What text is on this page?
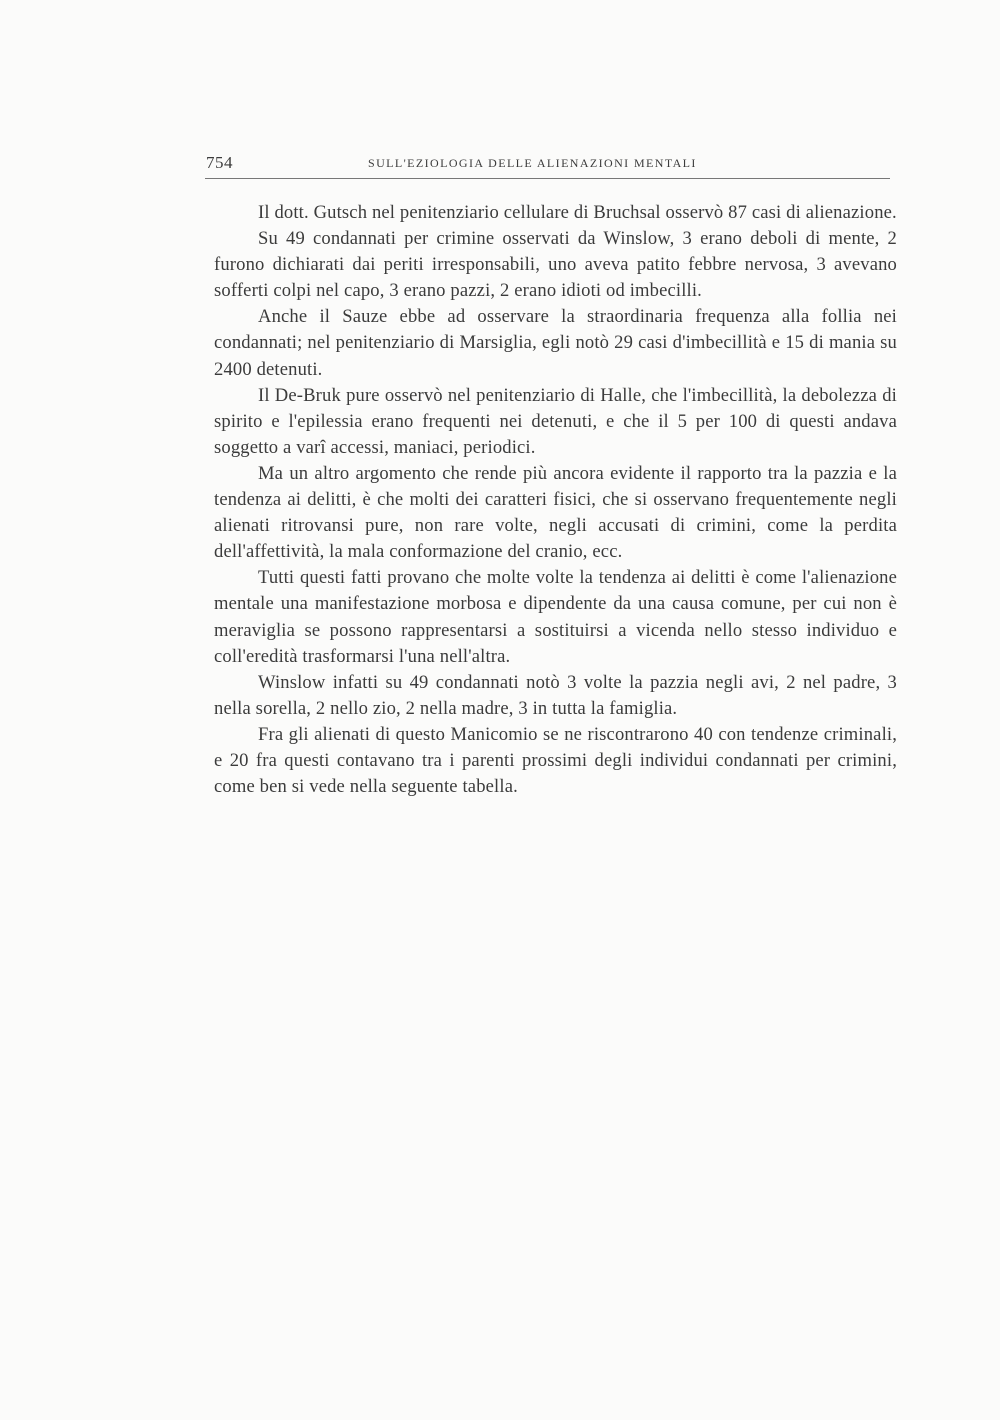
754	SULL'EZIOLOGIA DELLE ALIENAZIONI MENTALI

Il dott. Gutsch nel penitenziario cellulare di Bruchsal osservò 87 casi di alienazione.

Su 49 condannati per crimine osservati da Winslow, 3 erano deboli di mente, 2 furono dichiarati dai periti irresponsabili, uno aveva patito febbre nervosa, 3 avevano sofferti colpi nel capo, 3 erano pazzi, 2 erano idioti od imbecilli.

Anche il Sauze ebbe ad osservare la straordinaria frequenza alla follia nei condannati; nel penitenziario di Marsiglia, egli notò 29 casi d'imbecillità e 15 di mania su 2400 detenuti.

Il De-Bruk pure osservò nel penitenziario di Halle, che l'imbecillità, la debolezza di spirito e l'epilessia erano frequenti nei detenuti, e che il 5 per 100 di questi andava soggetto a varî accessi, maniaci, periodici.

Ma un altro argomento che rende più ancora evidente il rapporto tra la pazzia e la tendenza ai delitti, è che molti dei caratteri fisici, che si osservano frequentemente negli alienati ritrovansi pure, non rare volte, negli accusati di crimini, come la perdita dell'affettività, la mala conformazione del cranio, ecc.

Tutti questi fatti provano che molte volte la tendenza ai delitti è come l'alienazione mentale una manifestazione morbosa e dipendente da una causa comune, per cui non è meraviglia se possono rappresentarsi a sostituirsi a vicenda nello stesso individuo e coll'eredità trasformarsi l'una nell'altra.

Winslow infatti su 49 condannati notò 3 volte la pazzia negli avi, 2 nel padre, 3 nella sorella, 2 nello zio, 2 nella madre, 3 in tutta la famiglia.

Fra gli alienati di questo Manicomio se ne riscontrarono 40 con tendenze criminali, e 20 fra questi contavano tra i parenti prossimi degli individui condannati per crimini, come ben si vede nella seguente tabella.
